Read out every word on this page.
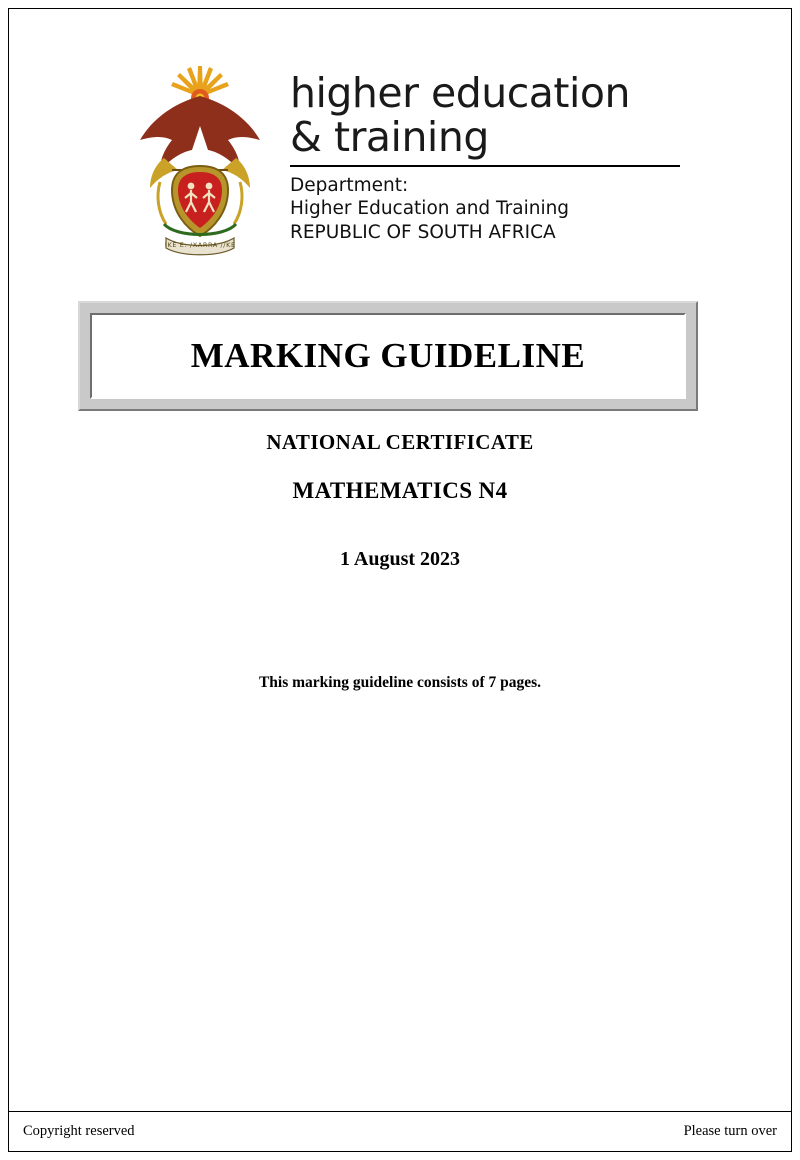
!KE E: /XARRA //KE
higher education
& training
Department:
Higher Education and Training
REPUBLIC OF SOUTH AFRICA
MARKING GUIDELINE
NATIONAL CERTIFICATE
MATHEMATICS N4
1 August 2023
This marking guideline consists of 7 pages.
Copyright reserved	Please turn over
